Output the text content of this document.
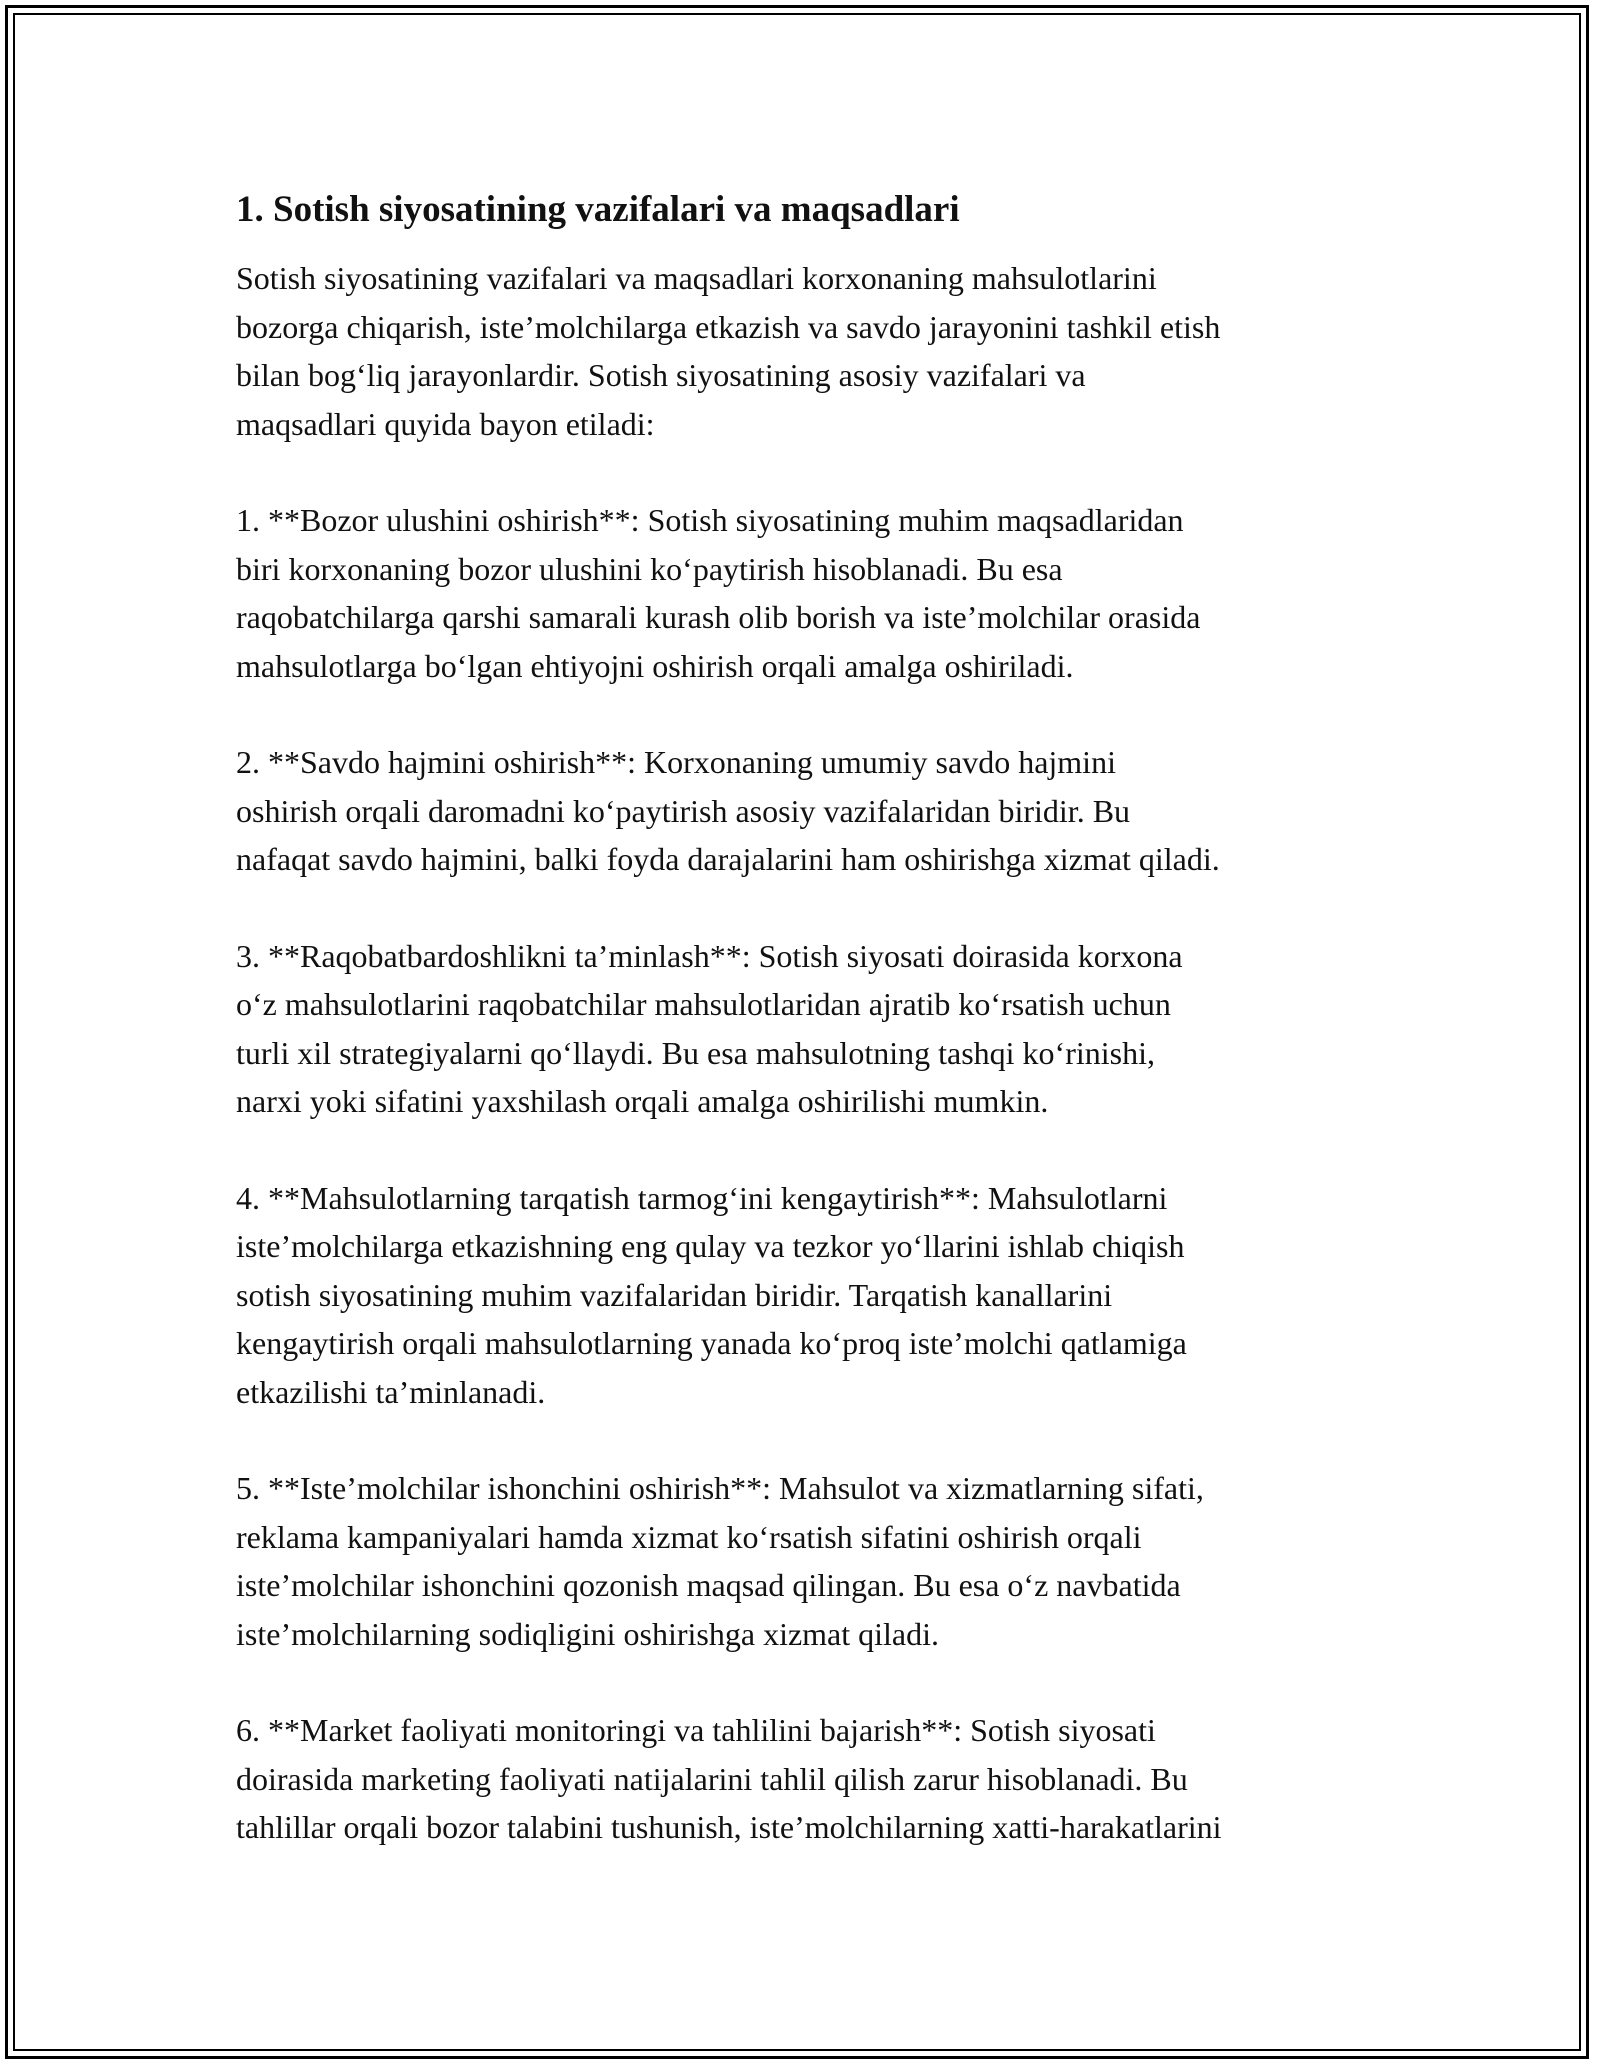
1. Sotish siyosatining vazifalari va maqsadlari

Sotish siyosatining vazifalari va maqsadlari korxonaning mahsulotlarini
bozorga chiqarish, iste’molchilarga etkazish va savdo jarayonini tashkil etish
bilan bog‘liq jarayonlardir. Sotish siyosatining asosiy vazifalari va
maqsadlari quyida bayon etiladi:

1. **Bozor ulushini oshirish**: Sotish siyosatining muhim maqsadlaridan
biri korxonaning bozor ulushini ko‘paytirish hisoblanadi. Bu esa
raqobatchilarga qarshi samarali kurash olib borish va iste’molchilar orasida
mahsulotlarga bo‘lgan ehtiyojni oshirish orqali amalga oshiriladi.

2. **Savdo hajmini oshirish**: Korxonaning umumiy savdo hajmini
oshirish orqali daromadni ko‘paytirish asosiy vazifalaridan biridir. Bu
nafaqat savdo hajmini, balki foyda darajalarini ham oshirishga xizmat qiladi.

3. **Raqobatbardoshlikni ta’minlash**: Sotish siyosati doirasida korxona
o‘z mahsulotlarini raqobatchilar mahsulotlaridan ajratib ko‘rsatish uchun
turli xil strategiyalarni qo‘llaydi. Bu esa mahsulotning tashqi ko‘rinishi,
narxi yoki sifatini yaxshilash orqali amalga oshirilishi mumkin.

4. **Mahsulotlarning tarqatish tarmog‘ini kengaytirish**: Mahsulotlarni
iste’molchilarga etkazishning eng qulay va tezkor yo‘llarini ishlab chiqish
sotish siyosatining muhim vazifalaridan biridir. Tarqatish kanallarini
kengaytirish orqali mahsulotlarning yanada ko‘proq iste’molchi qatlamiga
etkazilishi ta’minlanadi.

5. **Iste’molchilar ishonchini oshirish**: Mahsulot va xizmatlarning sifati,
reklama kampaniyalari hamda xizmat ko‘rsatish sifatini oshirish orqali
iste’molchilar ishonchini qozonish maqsad qilingan. Bu esa o‘z navbatida
iste’molchilarning sodiqligini oshirishga xizmat qiladi.

6. **Market faoliyati monitoringi va tahlilini bajarish**: Sotish siyosati
doirasida marketing faoliyati natijalarini tahlil qilish zarur hisoblanadi. Bu
tahlillar orqali bozor talabini tushunish, iste’molchilarning xatti-harakatlarini
